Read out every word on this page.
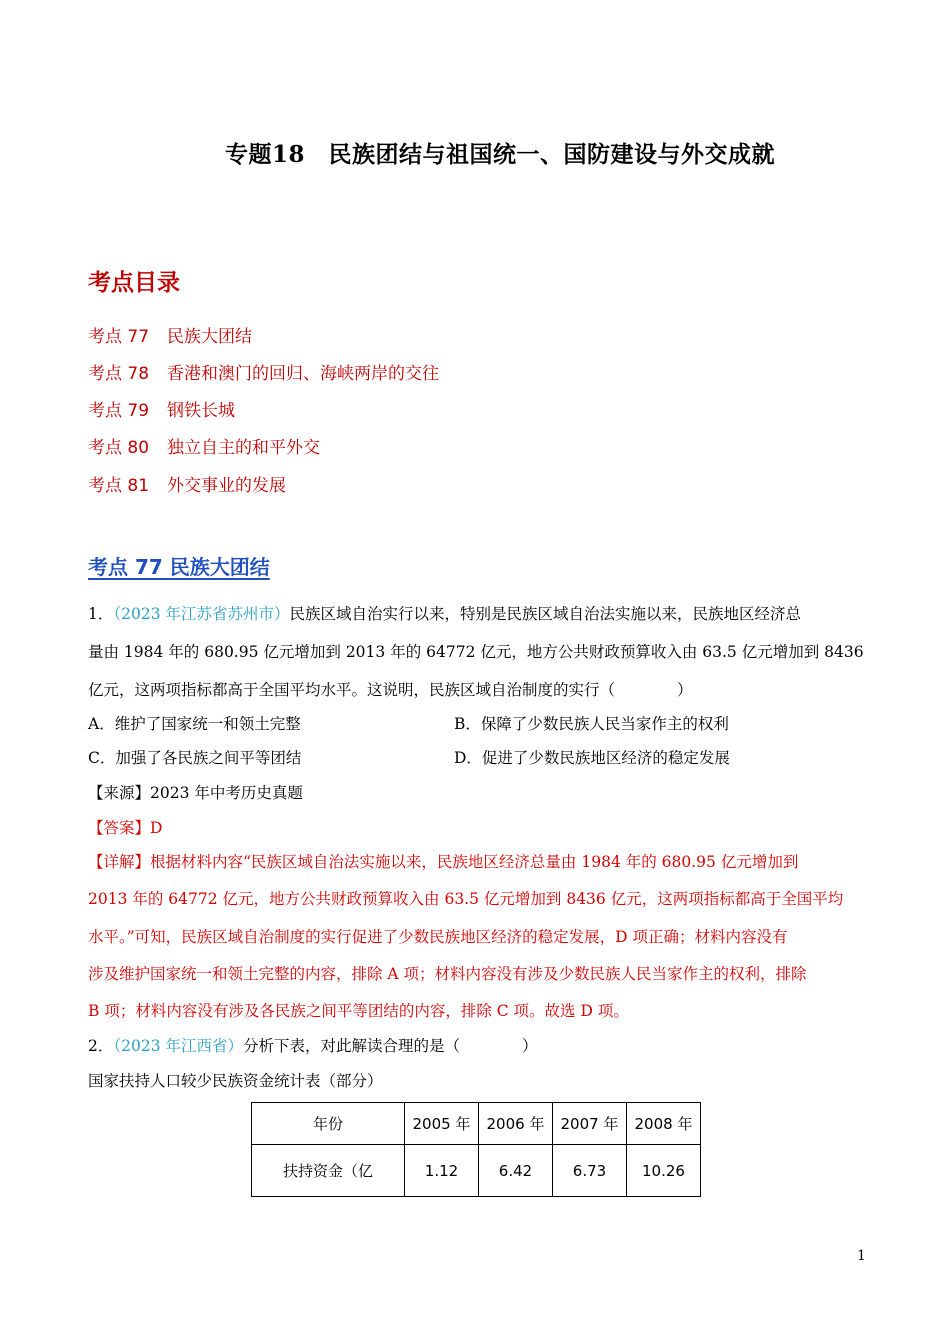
专题18　民族团结与祖国统一、国防建设与外交成就
考点目录
考点 77 民族大团结
考点 78 香港和澳门的回归、海峡两岸的交往
考点 79 钢铁长城
考点 80 独立自主的和平外交
考点 81 外交事业的发展
考点 77 民族大团结
1．（2023 年江苏省苏州市）民族区域自治实行以来，特别是民族区域自治法实施以来，民族地区经济总
量由 1984 年的 680.95 亿元增加到 2013 年的 64772 亿元，地方公共财政预算收入由 63.5 亿元增加到 8436
亿元，这两项指标都高于全国平均水平。这说明，民族区域自治制度的实行（　　　　）
A．维护了国家统一和领土完整	B．保障了少数民族人民当家作主的权利
C．加强了各民族之间平等团结	D．促进了少数民族地区经济的稳定发展
【来源】2023 年中考历史真题
【答案】D
【详解】根据材料内容“民族区域自治法实施以来，民族地区经济总量由 1984 年的 680.95 亿元增加到
2013 年的 64772 亿元，地方公共财政预算收入由 63.5 亿元增加到 8436 亿元，这两项指标都高于全国平均
水平。”可知，民族区域自治制度的实行促进了少数民族地区经济的稳定发展，D 项正确；材料内容没有
涉及维护国家统一和领土完整的内容，排除 A 项；材料内容没有涉及少数民族人民当家作主的权利，排除
B 项；材料内容没有涉及各民族之间平等团结的内容，排除 C 项。故选 D 项。
2．（2023 年江西省）分析下表，对此解读合理的是（　　　　）
国家扶持人口较少民族资金统计表（部分）
年份	2005 年	2006 年	2007 年	2008 年
扶持资金（亿	1.12	6.42	6.73	10.26
1
